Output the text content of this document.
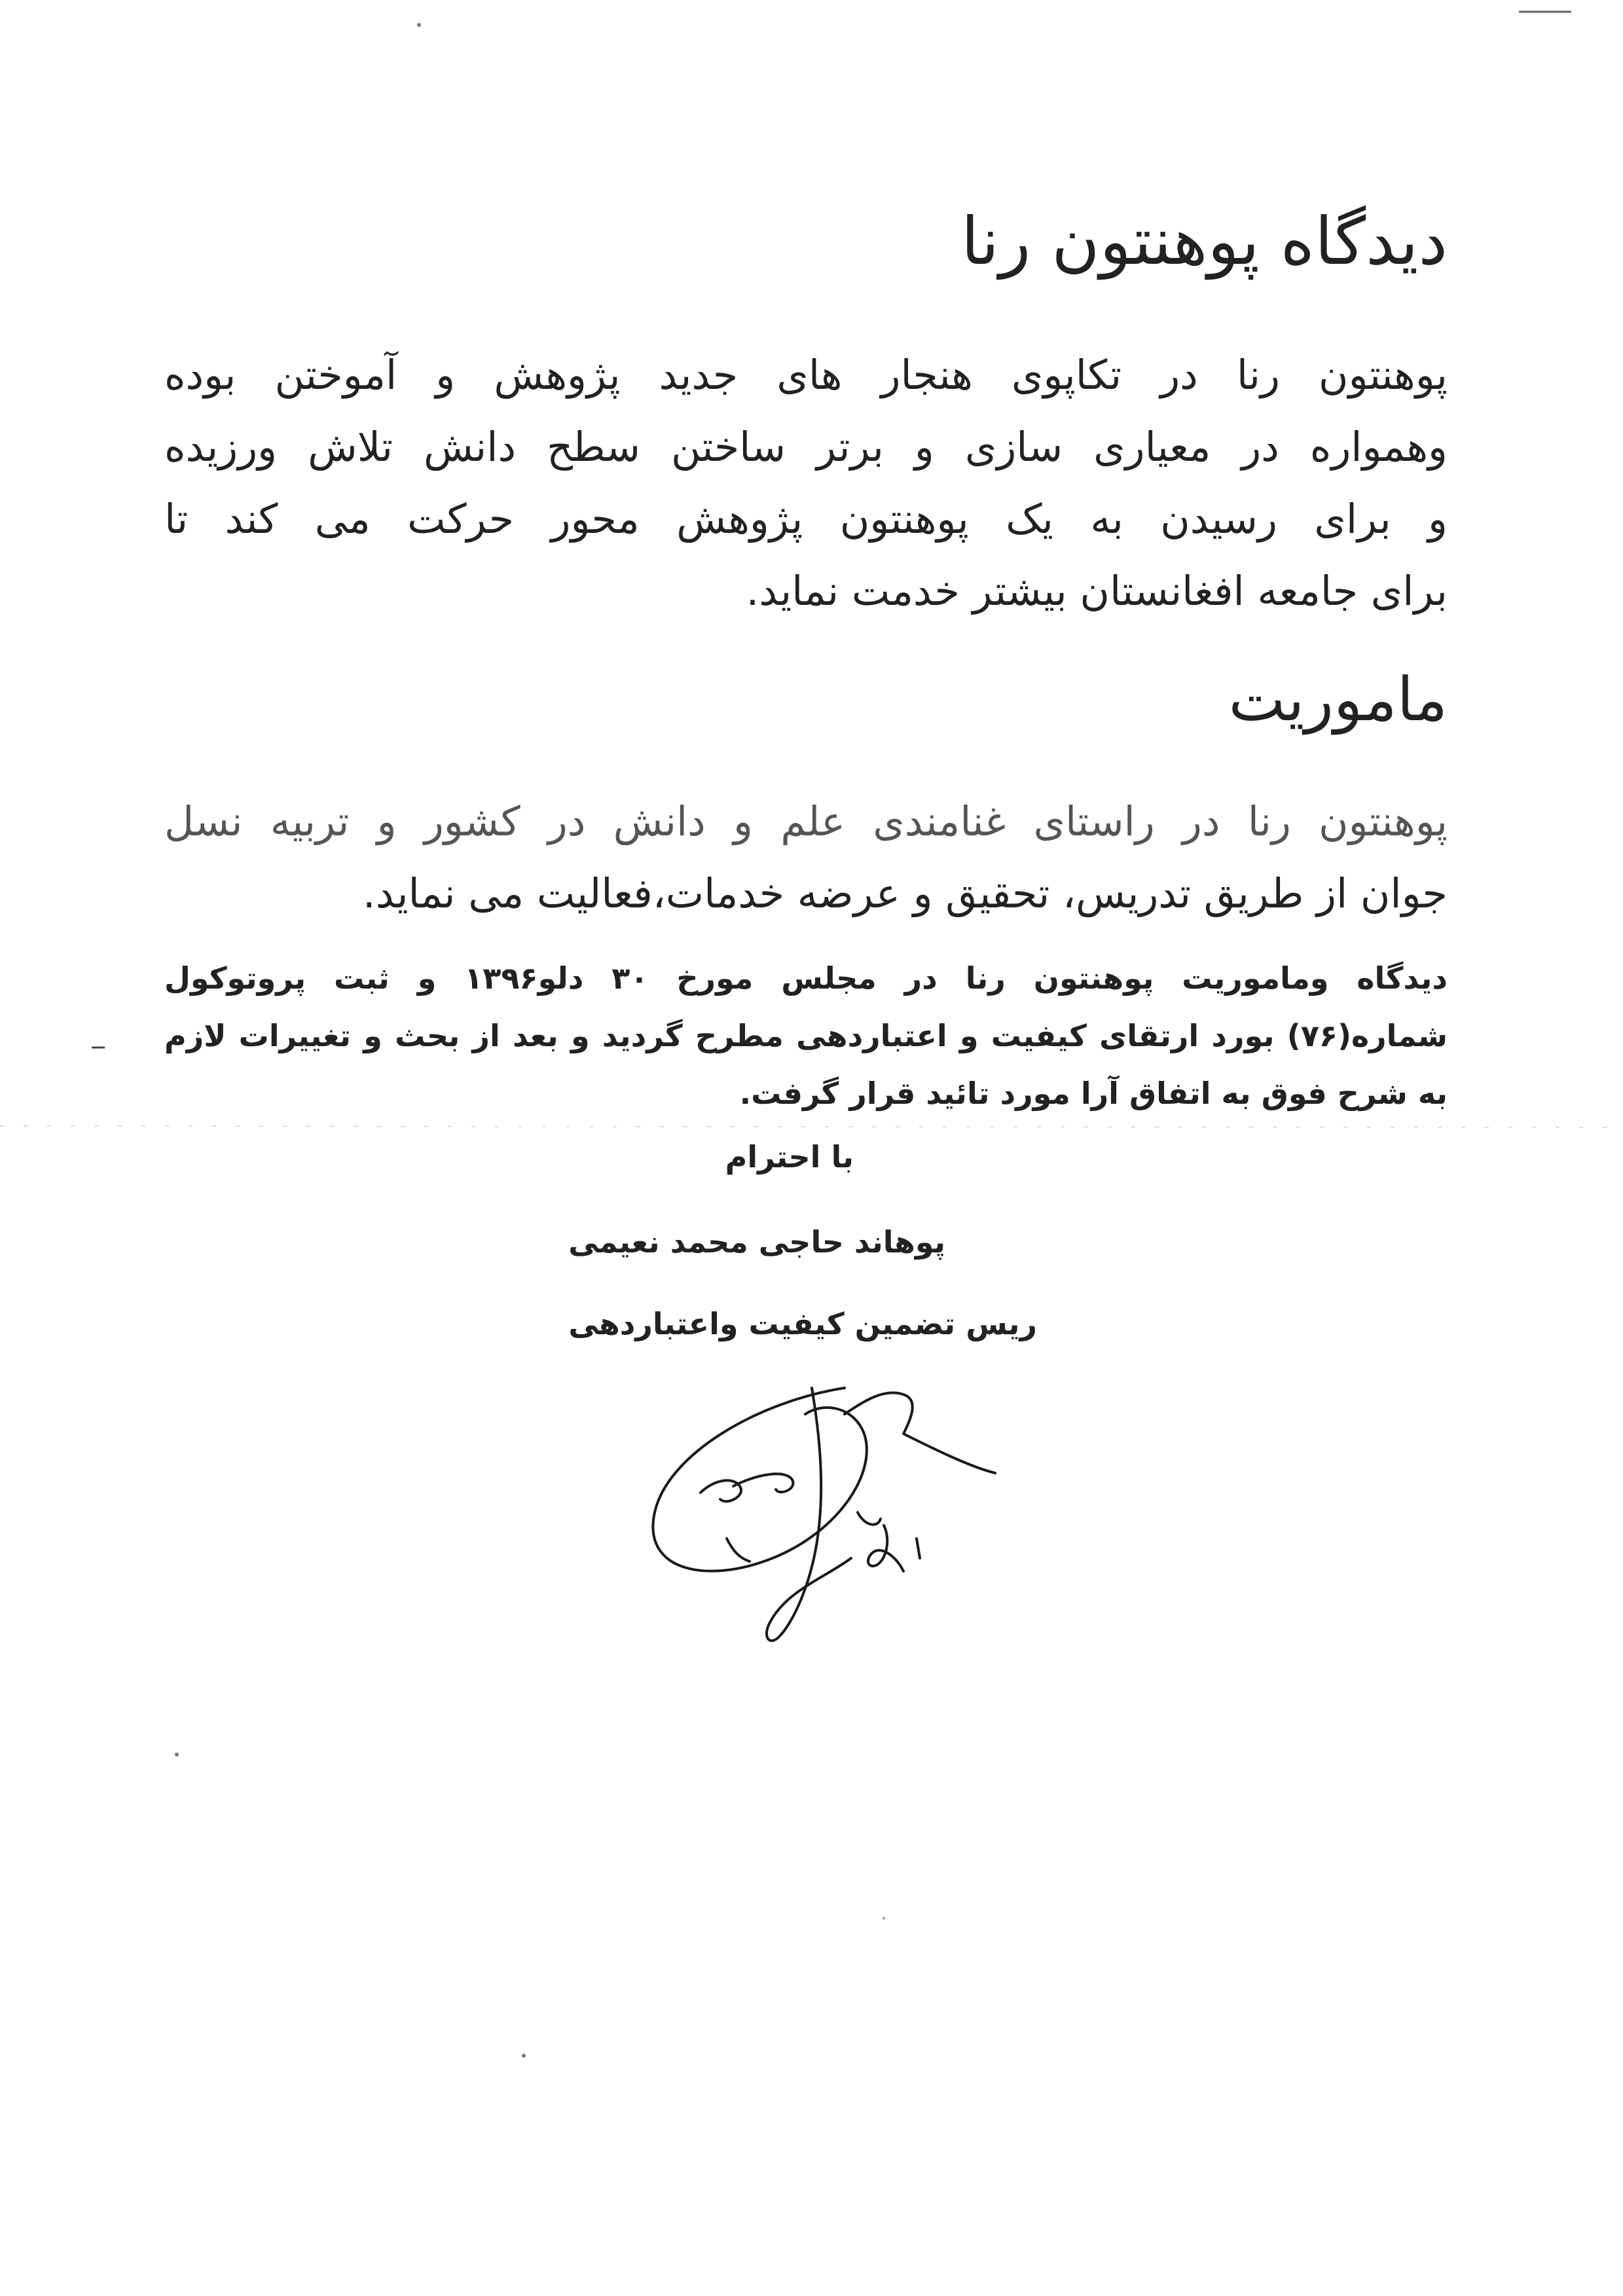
دیدگاه پوهنتون رنا
پوهنتون رنا در تکاپوی هنجار های جدید پژوهش و آموختن بوده
وهمواره در معیاری سازی و برتر ساختن سطح دانش تلاش ورزیده
و برای رسیدن به یک پوهنتون پژوهش محور حرکت می کند تا
برای جامعه افغانستان بیشتر خدمت نماید.
ماموریت
پوهنتون رنا در راستای غنامندی علم و دانش در کشور و تربیه نسل
جوان از طریق تدریس، تحقیق و عرضه خدمات،فعالیت می نماید.
دیدگاه وماموریت پوهنتون رنا در مجلس مورخ ۳۰ دلو۱۳۹۶ و ثبت پروتوکول
شماره(۷۶) بورد ارتقای کیفیت و اعتباردهی مطرح گردید و بعد از بحث و تغییرات لازم
به شرح فوق به اتفاق آرا مورد تائید قرار گرفت.
با احترام
پوهاند حاجی محمد نعیمی
ریس تضمین کیفیت واعتباردهی
